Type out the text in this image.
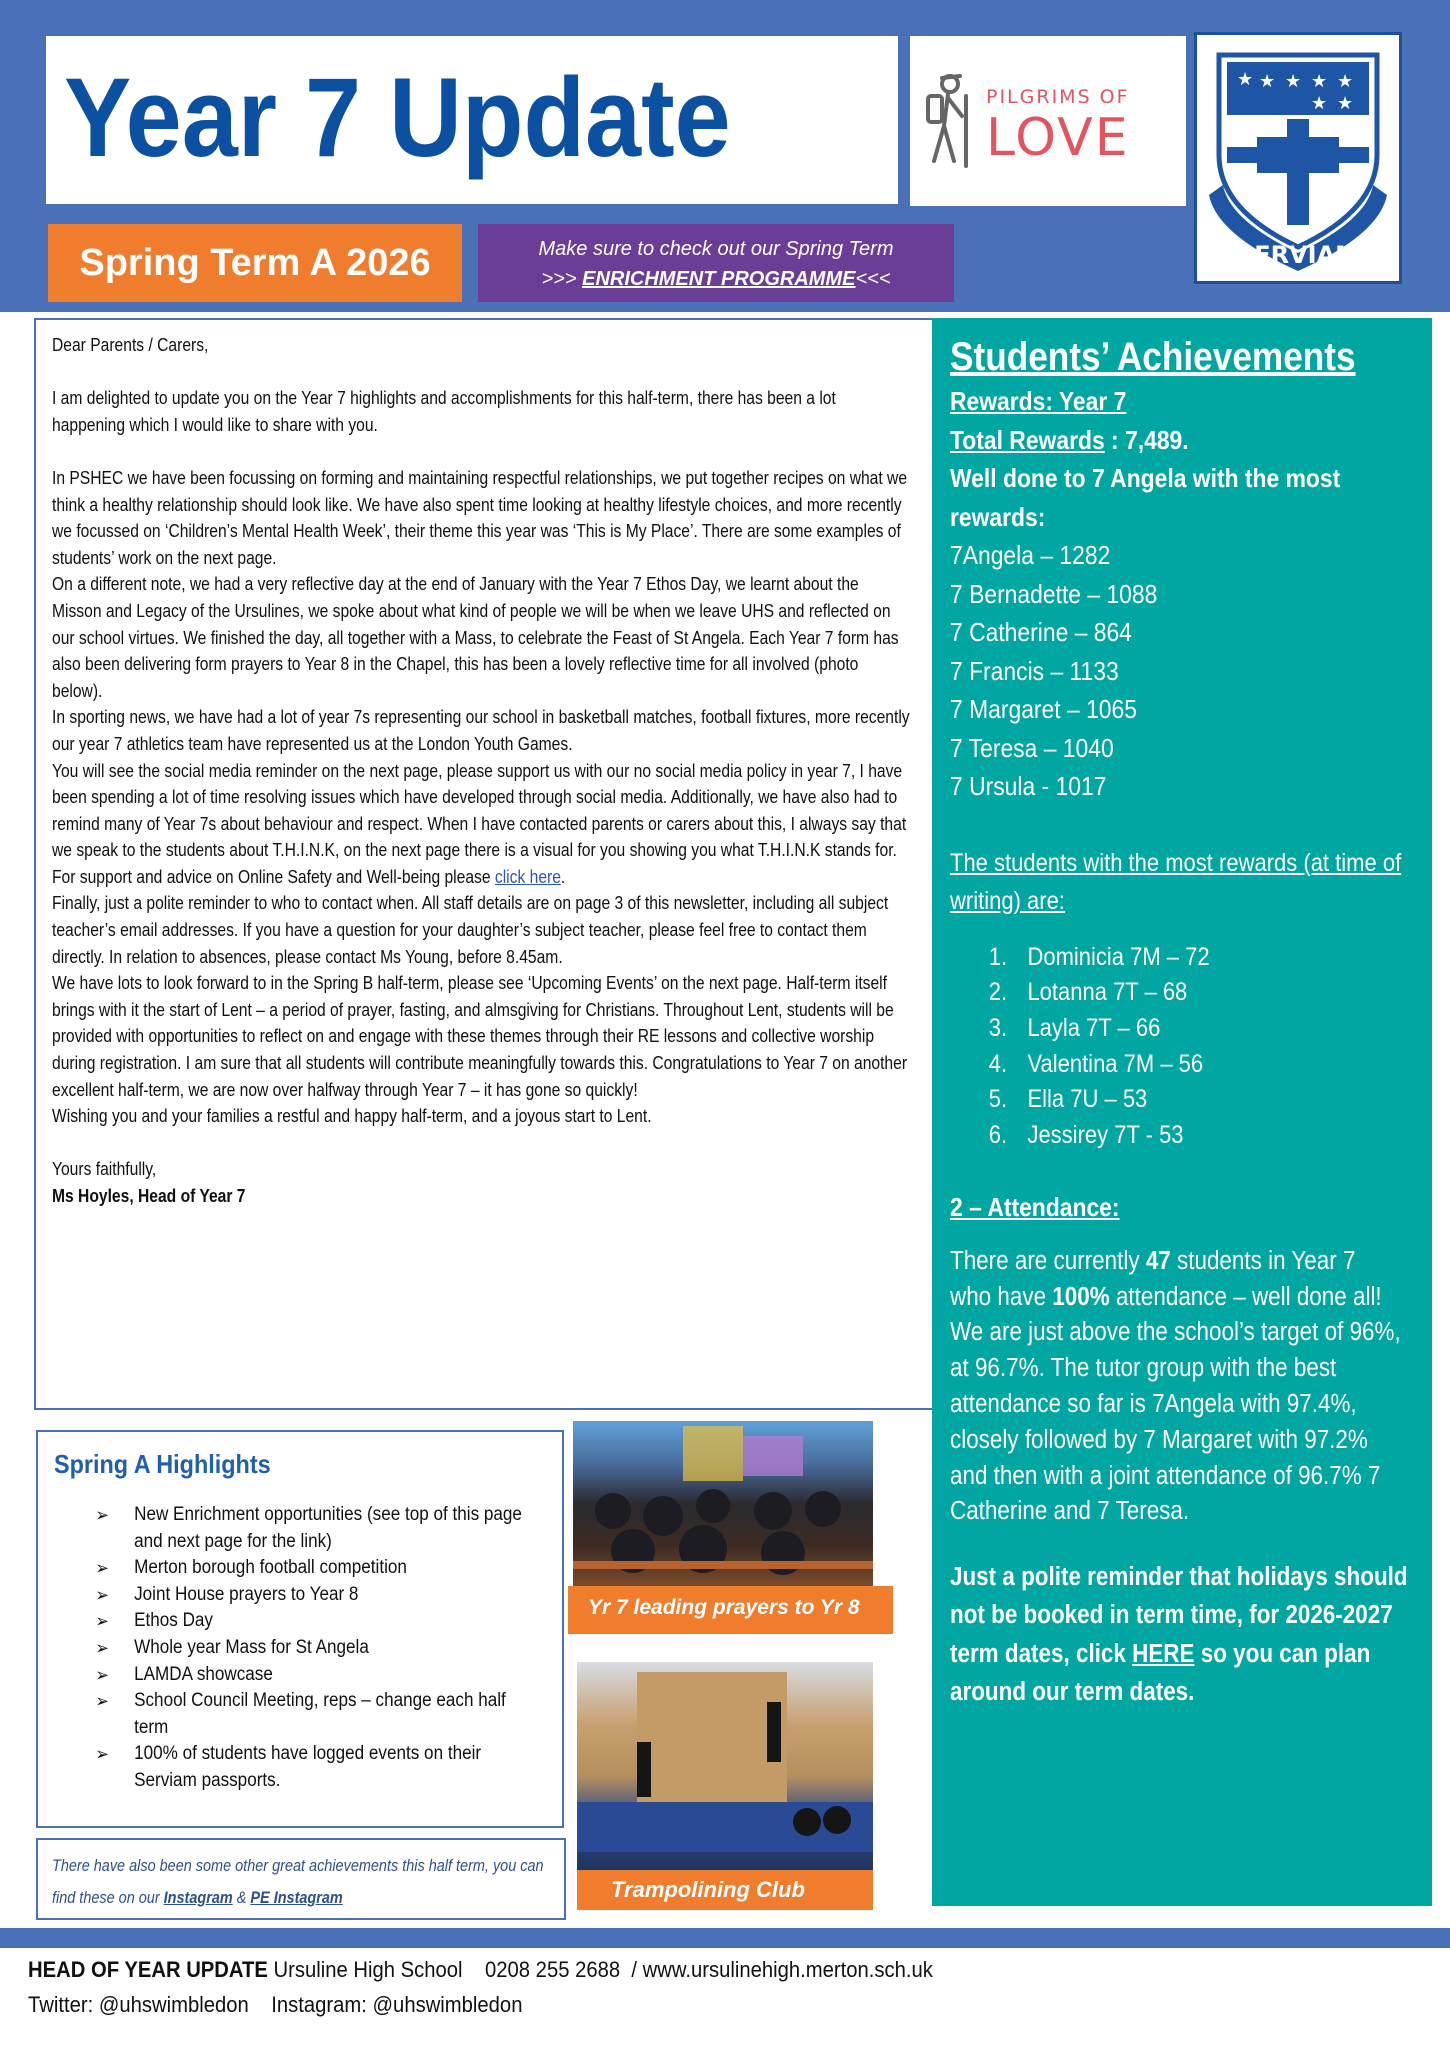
Year 7 Update	PILGRIMS OF
LOVE
★ ★ ★ ★ ★
★ ★
SERVIAM
Spring Term A 2026	Make sure to check out our Spring Term
>>> ENRICHMENT PROGRAMME<<<

Dear Parents / Carers,

I am delighted to update you on the Year 7 highlights and accomplishments for this half-term, there has been a lot happening which I would like to share with you.

In PSHEC we have been focussing on forming and maintaining respectful relationships, we put together recipes on what we think a healthy relationship should look like. We have also spent time looking at healthy lifestyle choices, and more recently we focussed on ‘Children’s Mental Health Week’, their theme this year was ‘This is My Place’. There are some examples of students’ work on the next page.

On a different note, we had a very reflective day at the end of January with the Year 7 Ethos Day, we learnt about the Misson and Legacy of the Ursulines, we spoke about what kind of people we will be when we leave UHS and reflected on our school virtues. We finished the day, all together with a Mass, to celebrate the Feast of St Angela. Each Year 7 form has also been delivering form prayers to Year 8 in the Chapel, this has been a lovely reflective time for all involved (photo below).

In sporting news, we have had a lot of year 7s representing our school in basketball matches, football fixtures, more recently our year 7 athletics team have represented us at the London Youth Games.

You will see the social media reminder on the next page, please support us with our no social media policy in year 7, I have been spending a lot of time resolving issues which have developed through social media. Additionally, we have also had to remind many of Year 7s about behaviour and respect. When I have contacted parents or carers about this, I always say that we speak to the students about T.H.I.N.K, on the next page there is a visual for you showing you what T.H.I.N.K stands for. For support and advice on Online Safety and Well-being please click here.

Finally, just a polite reminder to who to contact when. All staff details are on page 3 of this newsletter, including all subject teacher’s email addresses. If you have a question for your daughter’s subject teacher, please feel free to contact them directly. In relation to absences, please contact Ms Young, before 8.45am.

We have lots to look forward to in the Spring B half-term, please see ‘Upcoming Events’ on the next page. Half-term itself brings with it the start of Lent – a period of prayer, fasting, and almsgiving for Christians. Throughout Lent, students will be provided with opportunities to reflect on and engage with these themes through their RE lessons and collective worship during registration. I am sure that all students will contribute meaningfully towards this. Congratulations to Year 7 on another excellent half-term, we are now over halfway through Year 7 – it has gone so quickly!

Wishing you and your families a restful and happy half-term, and a joyous start to Lent.

Yours faithfully,

Ms Hoyles, Head of Year 7

Students’ Achievements
Rewards: Year 7
Total Rewards : 7,489.
Well done to 7 Angela with the most rewards:
7Angela – 1282
7 Bernadette – 1088
7 Catherine – 864
7 Francis – 1133
7 Margaret – 1065
7 Teresa – 1040
7 Ursula - 1017
The students with the most rewards (at time of writing) are:
1. Dominicia 7M – 72
2. Lotanna 7T – 68
3. Layla 7T – 66
4. Valentina 7M – 56
5. Ella 7U – 53
6. Jessirey 7T - 53
2 – Attendance:
There are currently 47 students in Year 7
who have 100% attendance – well done all!
We are just above the school’s target of 96%, at 96.7%. The tutor group with the best attendance so far is 7Angela with 97.4%, closely followed by 7 Margaret with 97.2% and then with a joint attendance of 96.7% 7 Catherine and 7 Teresa.
Just a polite reminder that holidays should not be booked in term time, for 2026-2027 term dates, click HERE so you can plan around our term dates.
Spring A Highlights
➢ New Enrichment opportunities (see top of this page and next page for the link)
➢ Merton borough football competition
➢ Joint House prayers to Year 8
➢ Ethos Day
➢ Whole year Mass for St Angela
➢ LAMDA showcase
➢ School Council Meeting, reps – change each half term
➢ 100% of students have logged events on their Serviam passports.
There have also been some other great achievements this half term, you can find these on our Instagram & PE Instagram
Yr 7 leading prayers to Yr 8
Trampolining Club
HEAD OF YEAR UPDATE Ursuline High School    0208 255 2688  / www.ursulinehigh.merton.sch.uk
Twitter: @uhswimbledon    Instagram: @uhswimbledon
